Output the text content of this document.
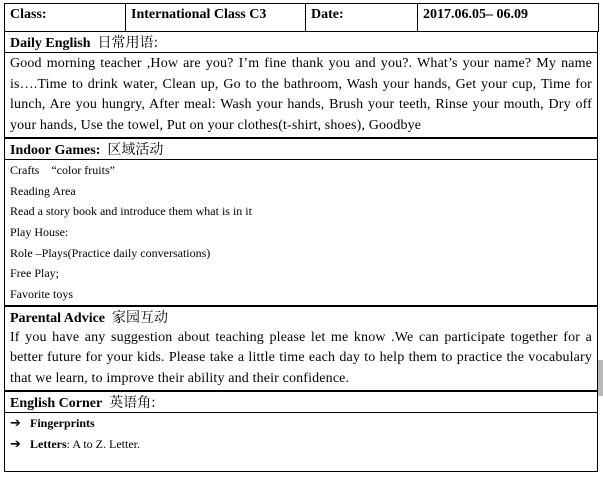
Class:	International Class C3	Date:	2017.06.05– 06.09
Daily English 日常用语:
Good morning teacher ,How are you? I’m fine thank you and you?. What’s your name? My name is….Time to drink water, Clean up, Go to the bathroom, Wash your hands, Get your cup, Time for lunch, Are you hungry, After meal: Wash your hands, Brush your teeth, Rinse your mouth, Dry off your hands, Use the towel, Put on your clothes(t-shirt, shoes), Goodbye
Indoor Games: 区域活动
Crafts    “color fruits”
Reading Area
Read a story book and introduce them what is in it
Play House:
Role –Plays(Practice daily conversations)
Free Play;
Favorite toys
Parental Advice 家园互动
If you have any suggestion about teaching please let me know .We can participate together for a better future for your kids. Please take a little time each day to help them to practice the vocabulary that we learn, to improve their ability and their confidence.
English Corner 英语角:
➔ Fingerprints
➔ Letters: A to Z. Letter.
